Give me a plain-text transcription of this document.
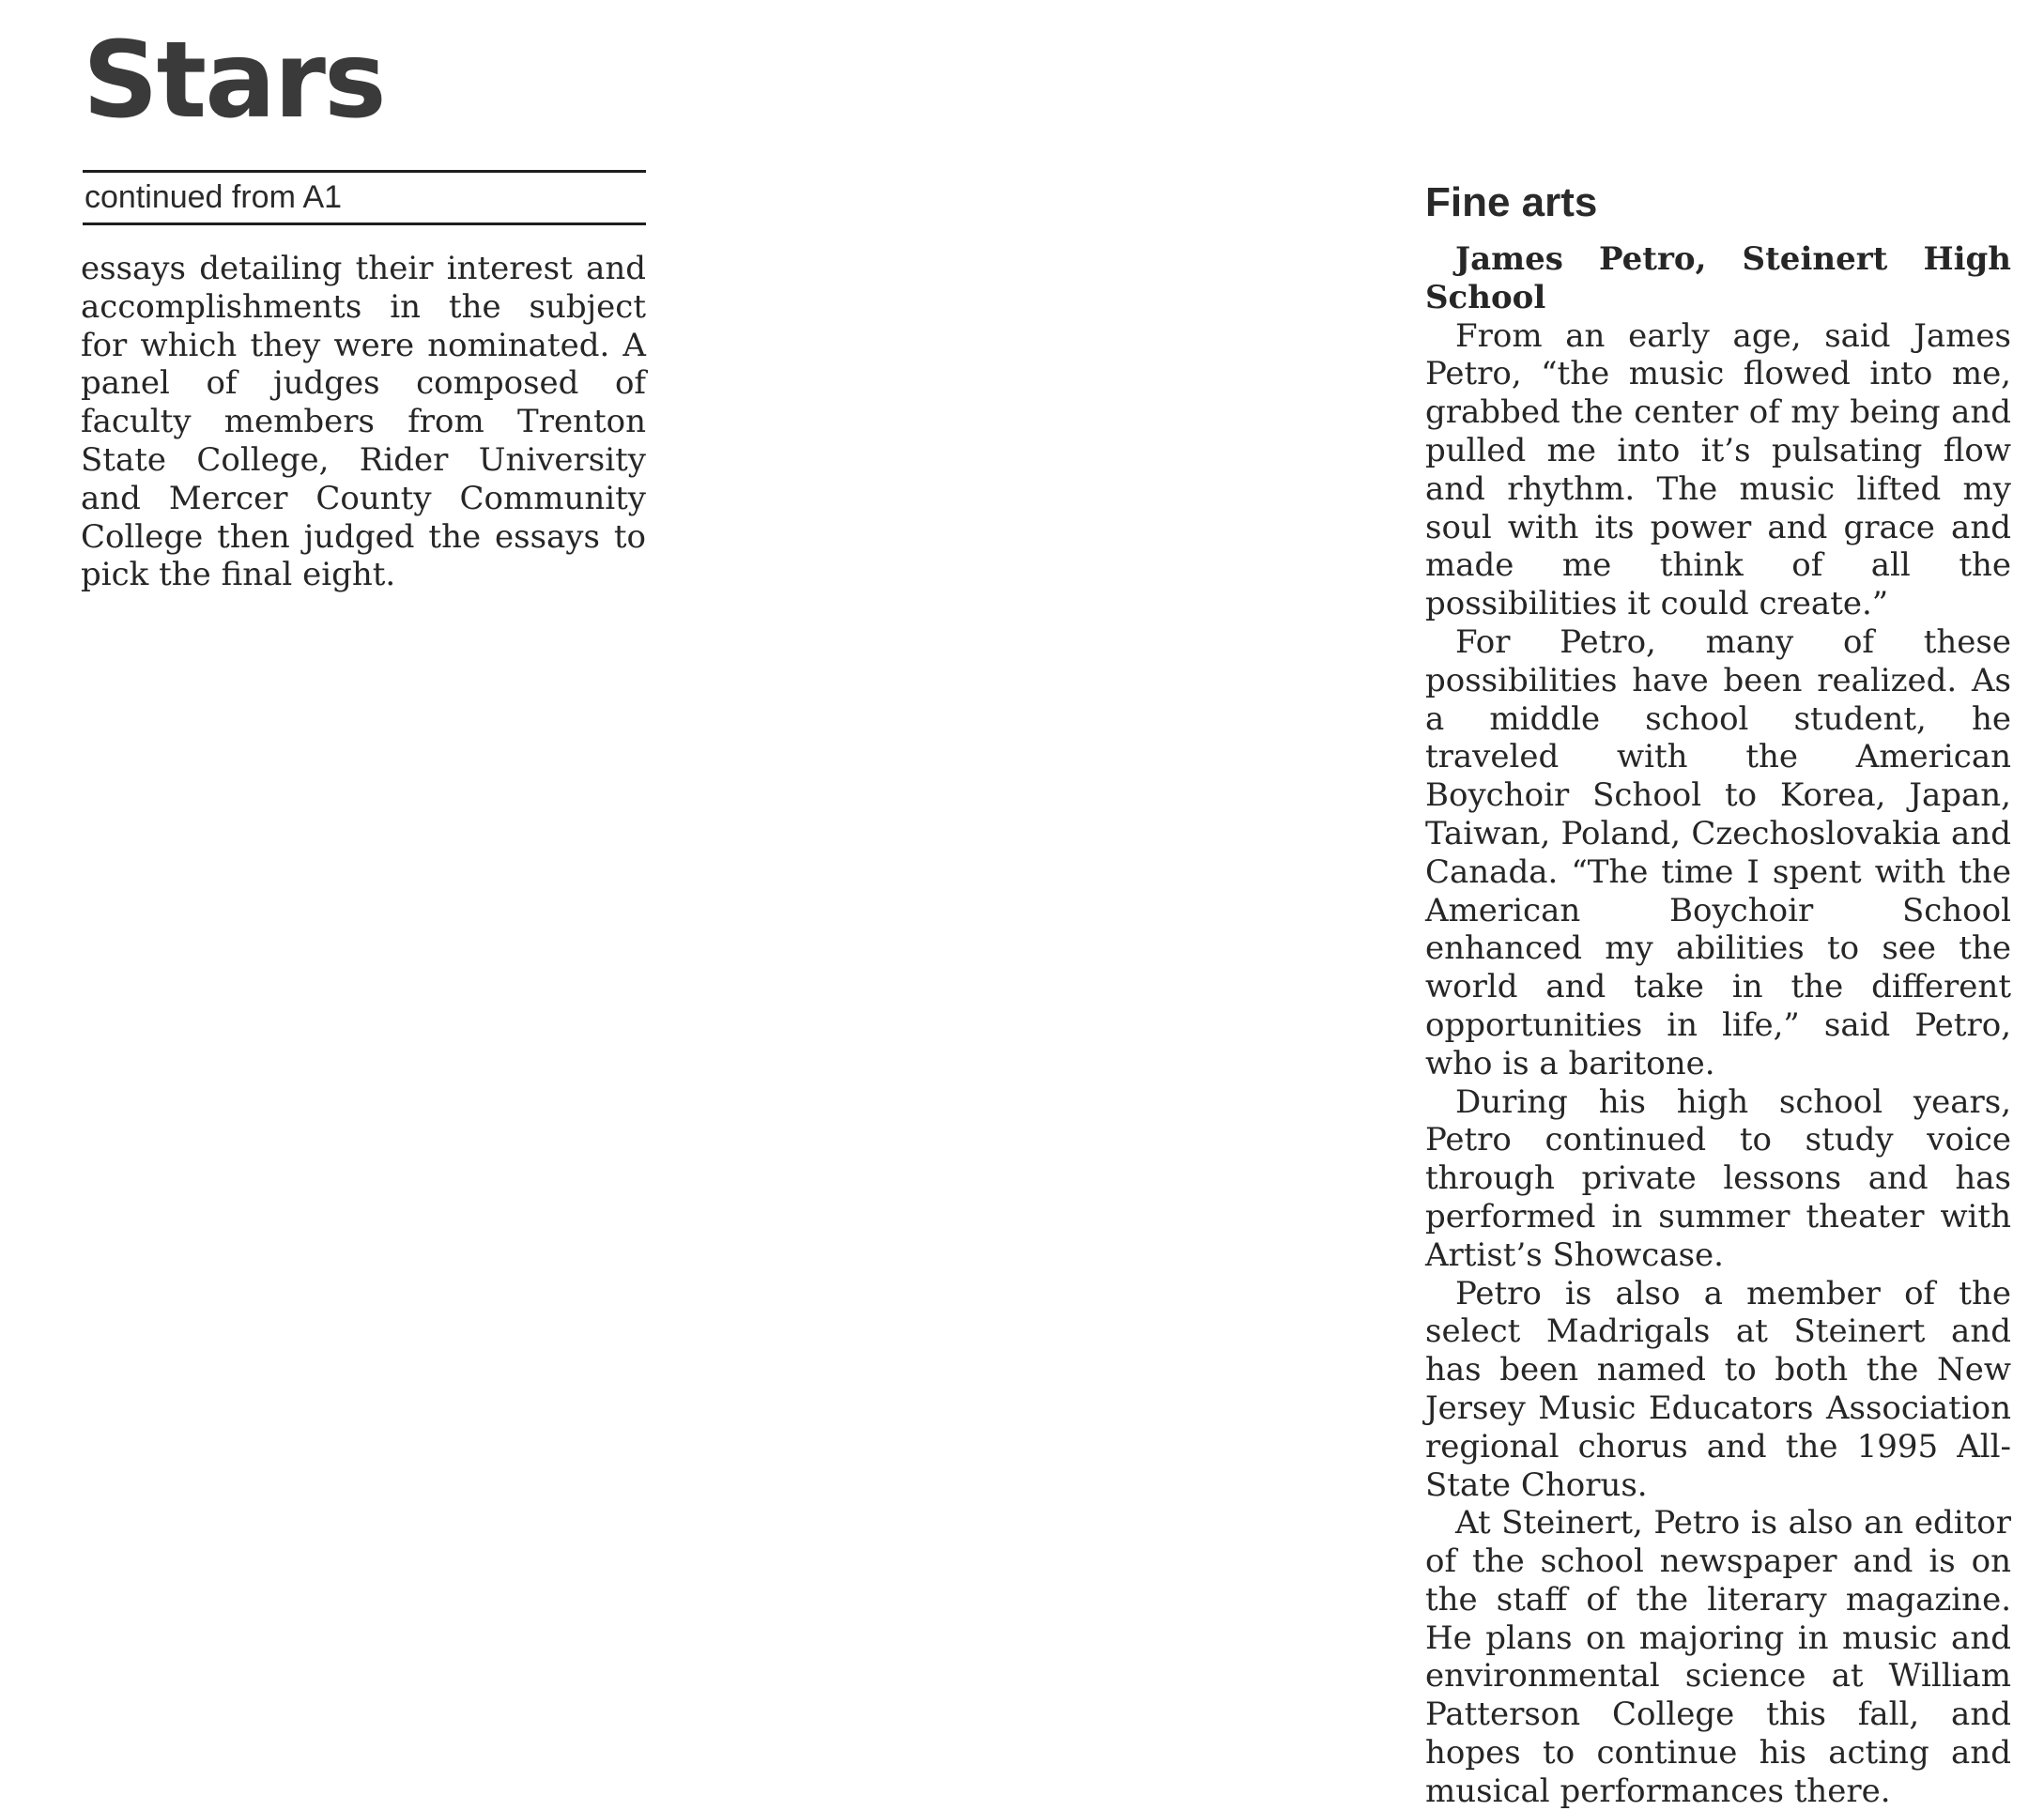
Stars
continued from A1

essays detailing their interest and accomplishments in the subject for which they were nominated. A panel of judges composed of faculty members from Trenton State College, Rider University and Mercer County Community College then judged the essays to pick the final eight.

Fine arts

James Petro, Steinert High School

From an early age, said James Petro, “the music flowed into me, grabbed the center of my being and pulled me into it’s pulsating flow and rhythm. The music lifted my soul with its power and grace and made me think of all the possibilities it could create.”

For Petro, many of these possibilities have been realized. As a middle school student, he traveled with the American Boychoir School to Korea, Japan, Taiwan, Poland, Czechoslovakia and Canada. “The time I spent with the American Boychoir School enhanced my abilities to see the world and take in the different opportunities in life,” said Petro, who is a baritone.

During his high school years, Petro continued to study voice through private lessons and has performed in summer theater with Artist’s Showcase.

Petro is also a member of the select Madrigals at Steinert and has been named to both the New Jersey Music Educators Association regional chorus and the 1995 All-State Chorus.

At Steinert, Petro is also an editor of the school newspaper and is on the staff of the literary magazine. He plans on majoring in music and environmental science at William Patterson College this fall, and hopes to continue his acting and musical performances there.
